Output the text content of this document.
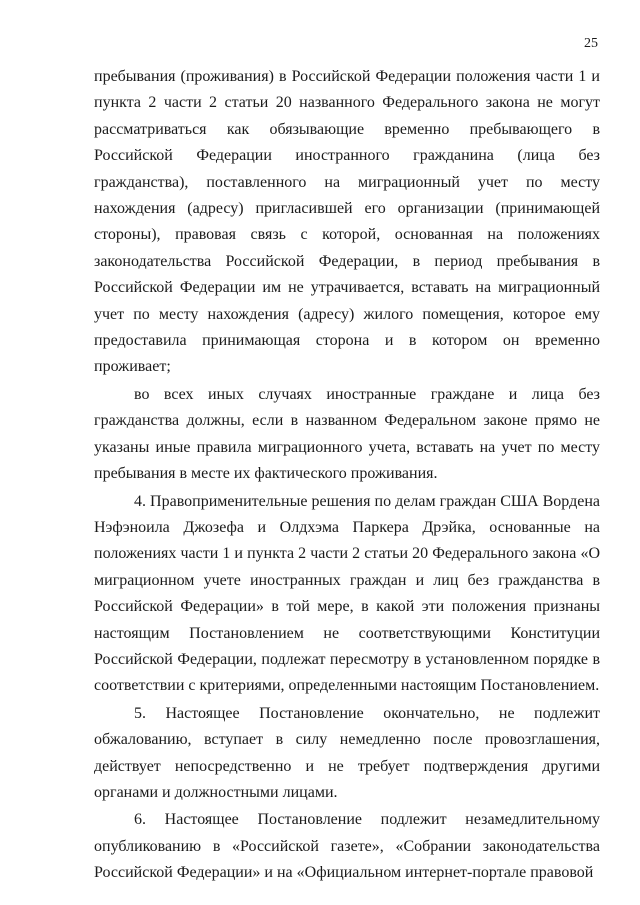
25

пребывания (проживания) в Российской Федерации положения части 1 и пункта 2 части 2 статьи 20 названного Федерального закона не могут рассматриваться как обязывающие временно пребывающего в Российской Федерации иностранного гражданина (лица без гражданства), поставленного на миграционный учет по месту нахождения (адресу) пригласившей его организации (принимающей стороны), правовая связь с которой, основанная на положениях законодательства Российской Федерации, в период пребывания в Российской Федерации им не утрачивается, вставать на миграционный учет по месту нахождения (адресу) жилого помещения, которое ему предоставила принимающая сторона и в котором он временно проживает;

во всех иных случаях иностранные граждане и лица без гражданства должны, если в названном Федеральном законе прямо не указаны иные правила миграционного учета, вставать на учет по месту пребывания в месте их фактического проживания.

4. Правоприменительные решения по делам граждан США Вордена Нэфэноила Джозефа и Олдхэма Паркера Дрэйка, основанные на положениях части 1 и пункта 2 части 2 статьи 20 Федерального закона «О миграционном учете иностранных граждан и лиц без гражданства в Российской Федерации» в той мере, в какой эти положения признаны настоящим Постановлением не соответствующими Конституции Российской Федерации, подлежат пересмотру в установленном порядке в соответствии с критериями, определенными настоящим Постановлением.

5. Настоящее Постановление окончательно, не подлежит обжалованию, вступает в силу немедленно после провозглашения, действует непосредственно и не требует подтверждения другими органами и должностными лицами.

6. Настоящее Постановление подлежит незамедлительному опубликованию в «Российской газете», «Собрании законодательства Российской Федерации» и на «Официальном интернет-портале правовой
